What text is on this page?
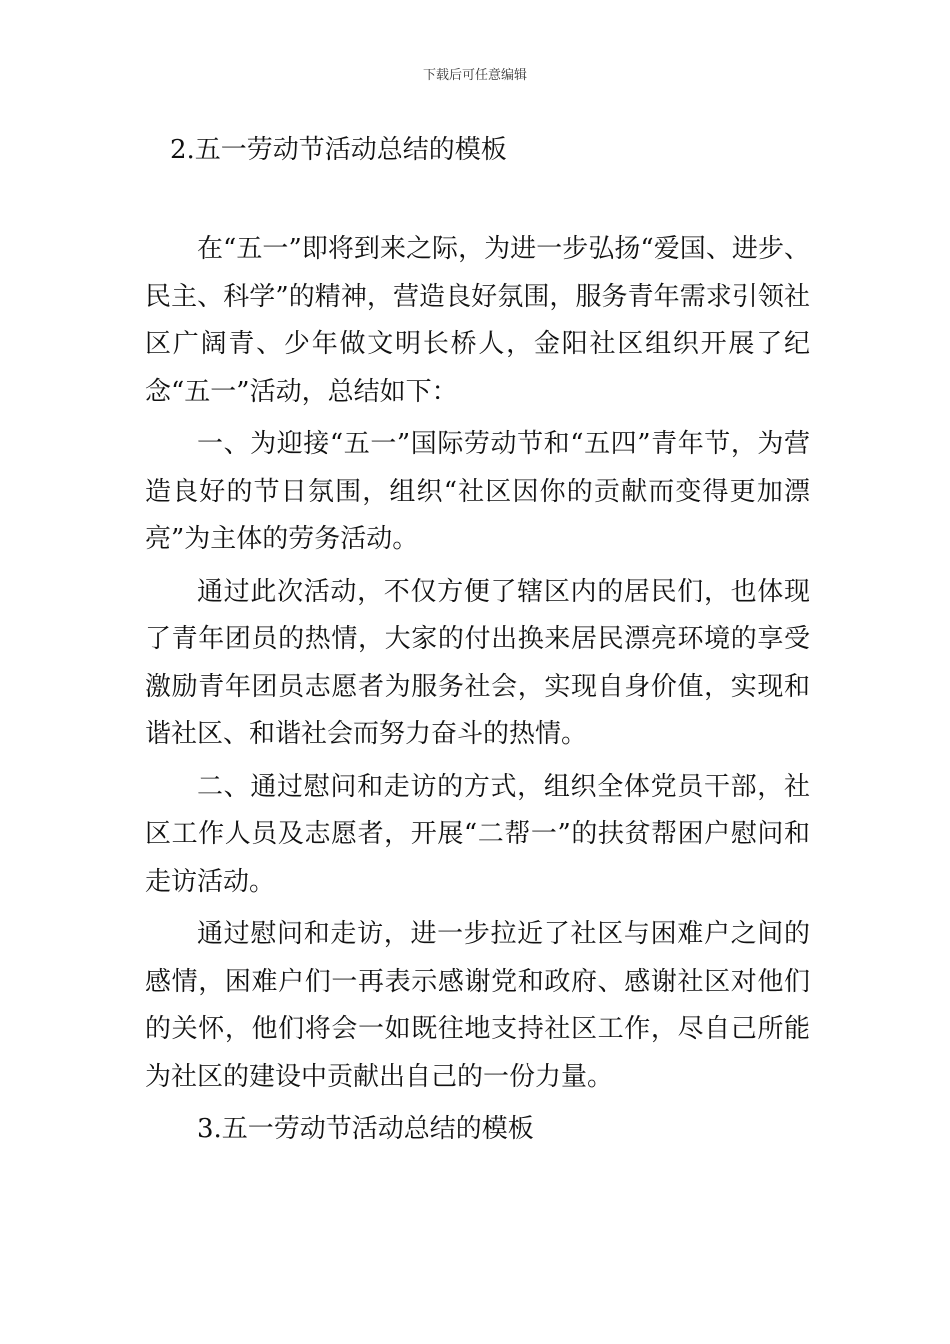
下载后可任意编辑
2.五一劳动节活动总结的模板

在“五一”即将到来之际，为进一步弘扬“爱国、进步、民主、科学”的精神，营造良好氛围，服务青年需求引领社区广阔青、少年做文明长桥人，金阳社区组织开展了纪念“五一”活动，总结如下：

一、为迎接“五一”国际劳动节和“五四”青年节，为营造良好的节日氛围，组织“社区因你的贡献而变得更加漂亮”为主体的劳务活动。

通过此次活动，不仅方便了辖区内的居民们，也体现了青年团员的热情，大家的付出换来居民漂亮环境的享受激励青年团员志愿者为服务社会，实现自身价值，实现和谐社区、和谐社会而努力奋斗的热情。

二、通过慰问和走访的方式，组织全体党员干部，社区工作人员及志愿者，开展“二帮一”的扶贫帮困户慰问和走访活动。

通过慰问和走访，进一步拉近了社区与困难户之间的感情，困难户们一再表示感谢党和政府、感谢社区对他们的关怀，他们将会一如既往地支持社区工作，尽自己所能为社区的建设中贡献出自己的一份力量。

3.五一劳动节活动总结的模板
